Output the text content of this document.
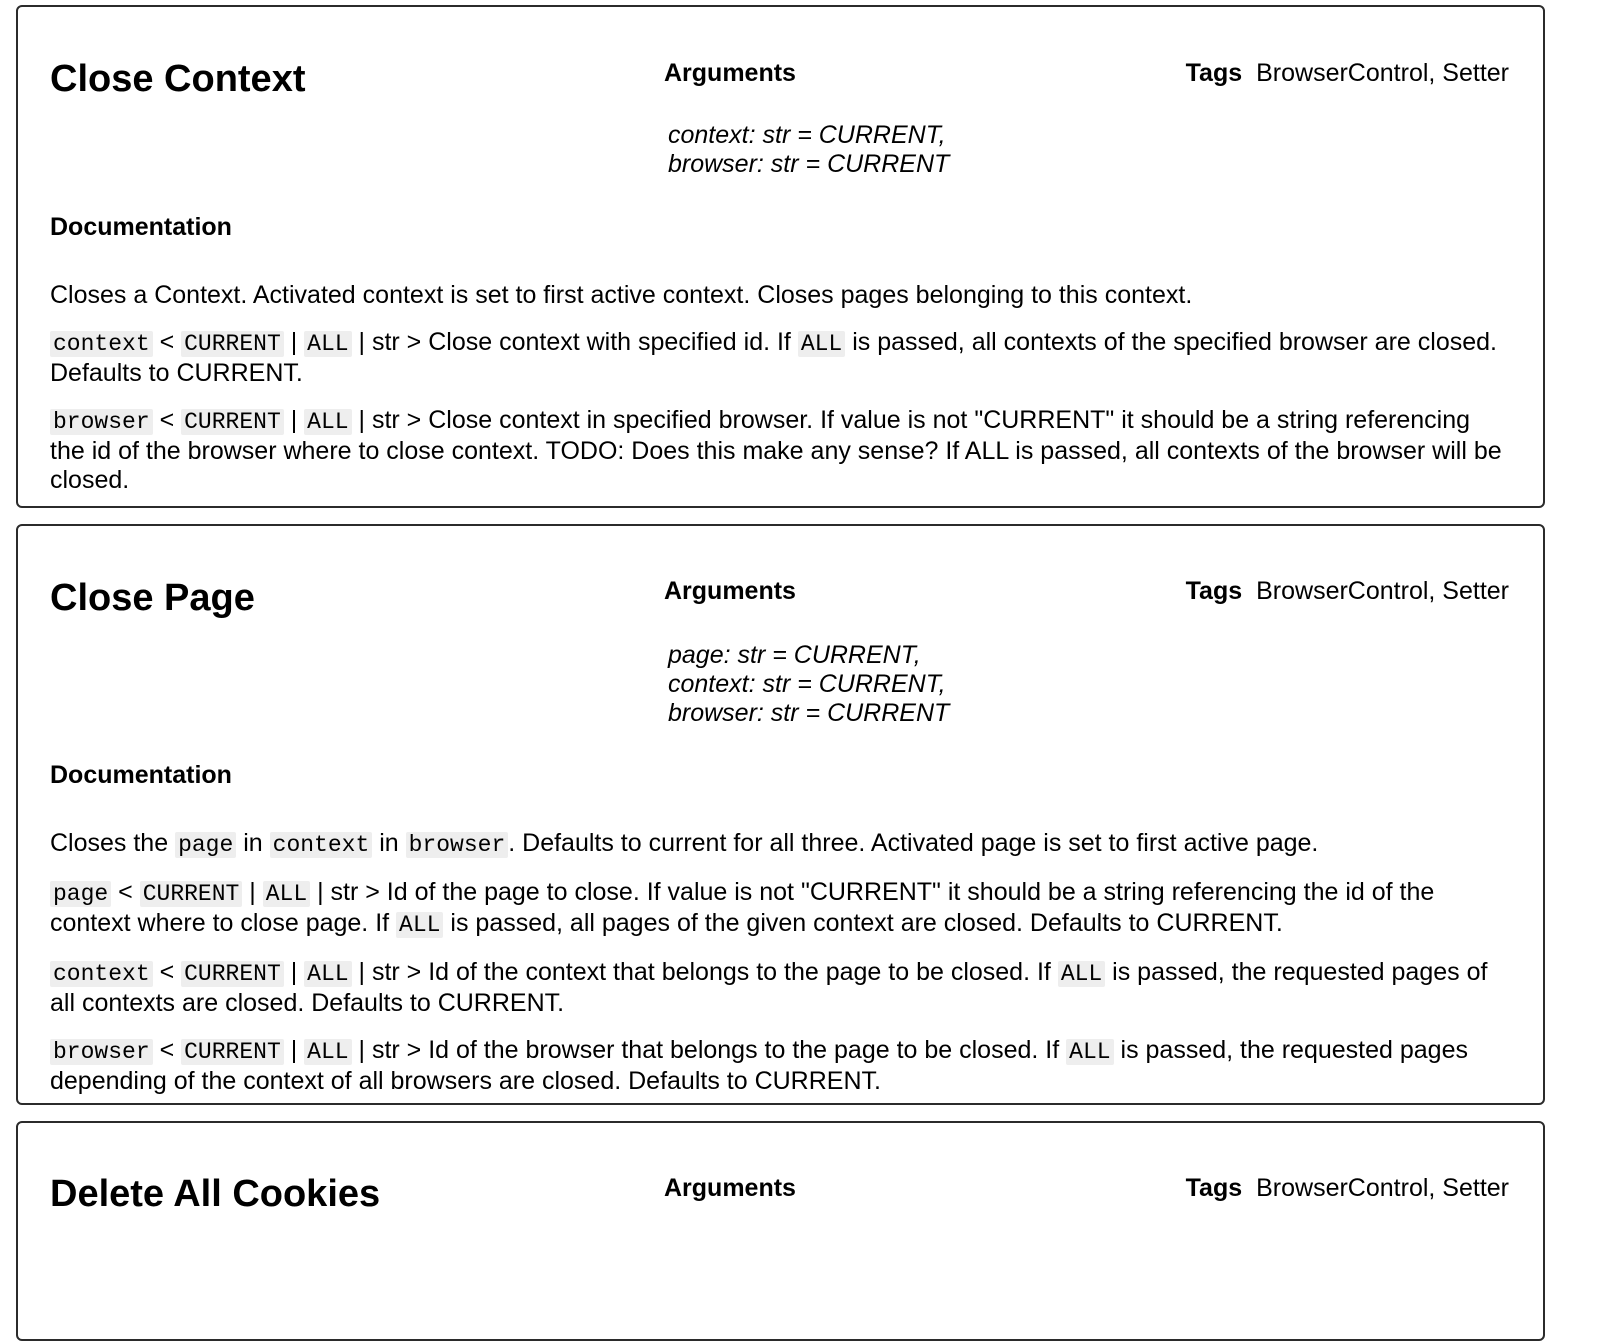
Close Context	Arguments	Tags BrowserControl, Setter
context: str = CURRENT,
browser: str = CURRENT
Documentation

Closes a Context. Activated context is set to first active context. Closes pages belonging to this context.

context < CURRENT | ALL | str > Close context with specified id. If ALL is passed, all contexts of the specified browser are closed. Defaults to CURRENT.

browser < CURRENT | ALL | str > Close context in specified browser. If value is not "CURRENT" it should be a string referencing the id of the browser where to close context. TODO: Does this make any sense? If ALL is passed, all contexts of the browser will be closed.

Close Page	Arguments	Tags BrowserControl, Setter
page: str = CURRENT,
context: str = CURRENT,
browser: str = CURRENT
Documentation

Closes the page in context in browser . Defaults to current for all three. Activated page is set to first active page.

page < CURRENT | ALL | str > Id of the page to close. If value is not "CURRENT" it should be a string referencing the id of the context where to close page. If ALL is passed, all pages of the given context are closed. Defaults to CURRENT.

context < CURRENT | ALL | str > Id of the context that belongs to the page to be closed. If ALL is passed, the requested pages of all contexts are closed. Defaults to CURRENT.

browser < CURRENT | ALL | str > Id of the browser that belongs to the page to be closed. If ALL is passed, the requested pages depending of the context of all browsers are closed. Defaults to CURRENT.

Delete All Cookies	Arguments	Tags BrowserControl, Setter
